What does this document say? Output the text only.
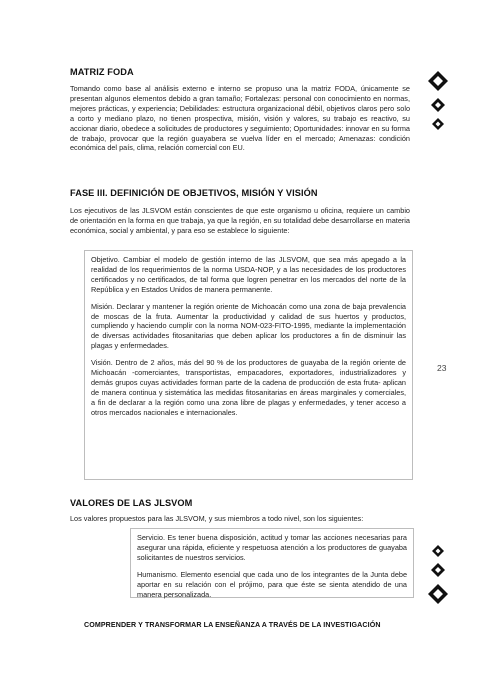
MATRIZ FODA

Tomando como base al análisis externo e interno se propuso una la matriz FODA, únicamente se presentan algunos elementos debido a gran tamaño; Fortalezas: personal con conocimiento en normas, mejores prácticas, y experiencia; Debilidades: estructura organizacional débil, objetivos claros pero solo a corto y mediano plazo, no tienen prospectiva, misión, visión y valores, su trabajo es reactivo, su accionar diario, obedece a solicitudes de productores y seguimiento; Oportunidades: innovar en su forma de trabajo, provocar que la región guayabera se vuelva líder en el mercado; Amenazas: condición económica del país, clima, relación comercial con EU.

FASE III. DEFINICIÓN DE OBJETIVOS, MISIÓN Y VISIÓN

Los ejecutivos de las JLSVOM están conscientes de que este organismo u oficina, requiere un cambio de orientación en la forma en que trabaja, ya que la región, en su totalidad debe desarrollarse en materia económica, social y ambiental, y para eso se establece lo siguiente:

Objetivo. Cambiar el modelo de gestión interno de las JLSVOM, que sea más apegado a la realidad de los requerimientos de la norma USDA-NOP, y a las necesidades de los productores certificados y no certificados, de tal forma que logren penetrar en los mercados del norte de la República y en Estados Unidos de manera permanente.

Misión. Declarar y mantener la región oriente de Michoacán como una zona de baja prevalencia de moscas de la fruta. Aumentar la productividad y calidad de sus huertos y productos, cumpliendo y haciendo cumplir con la norma NOM-023-FITO-1995, mediante la implementación de diversas actividades fitosanitarias que deben aplicar los productores a fin de disminuir las plagas y enfermedades.

Visión. Dentro de 2 años, más del 90 % de los productores de guayaba de la región oriente de Michoacán -comerciantes, transportistas, empacadores, exportadores, industrializadores y demás grupos cuyas actividades forman parte de la cadena de producción de esta fruta- aplican de manera continua y sistemática las medidas fitosanitarias en áreas marginales y comerciales, a fin de declarar a la región como una zona libre de plagas y enfermedades, y tener acceso a otros mercados nacionales e internacionales.

VALORES DE LAS JLSVOM

Los valores propuestos para las JLSVOM, y sus miembros a todo nivel, son los siguientes:

Servicio. Es tener buena disposición, actitud y tomar las acciones necesarias para asegurar una rápida, eficiente y respetuosa atención a los productores de guayaba solicitantes de nuestros servicios.

Humanismo. Elemento esencial que cada uno de los integrantes de la Junta debe aportar en su relación con el prójimo, para que éste se sienta atendido de una manera personalizada.

23
COMPRENDER Y TRANSFORMAR LA ENSEÑANZA A TRAVÉS DE LA INVESTIGACIÓN
